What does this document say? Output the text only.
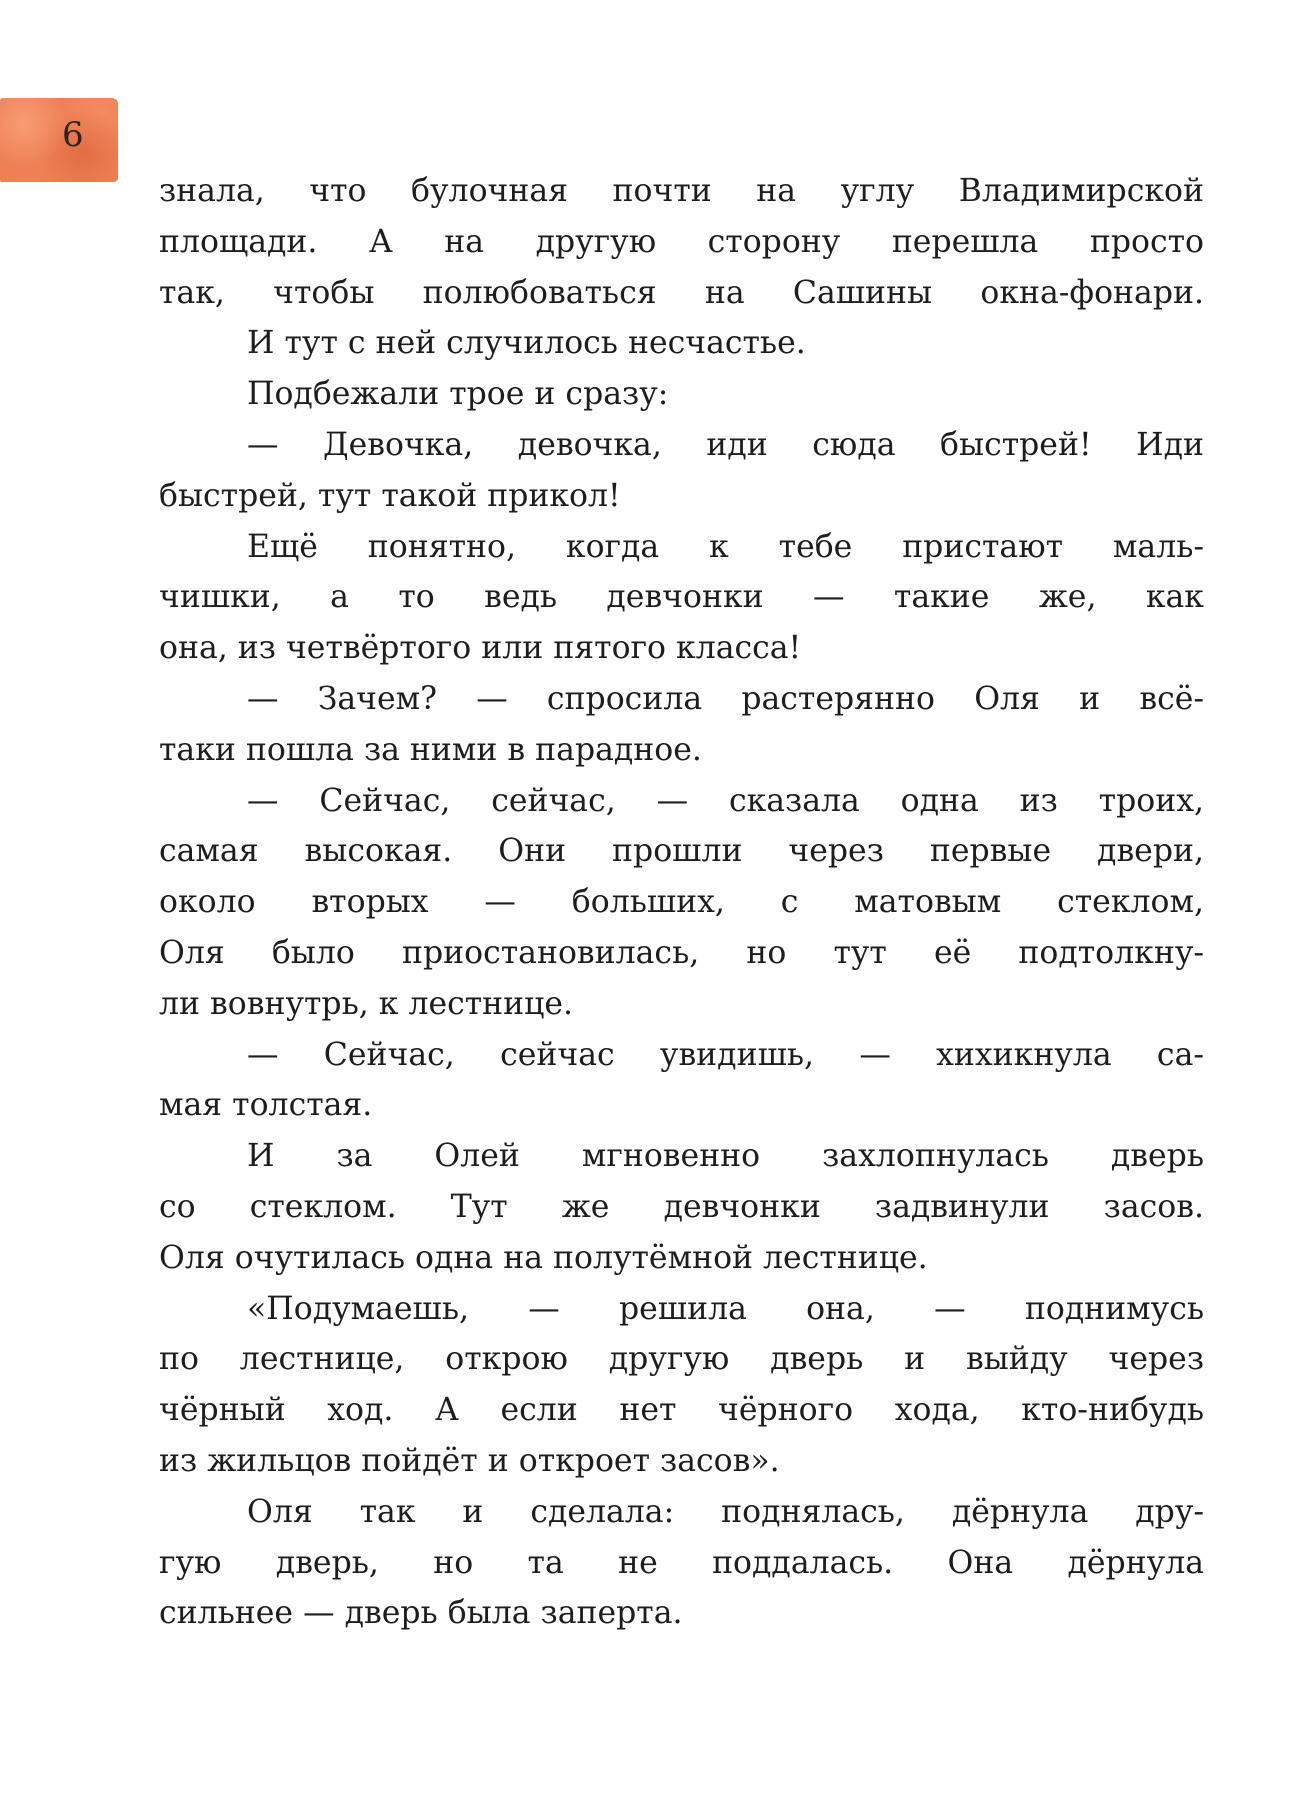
6
знала, что булочная почти на углу Владимирской
площади. А на другую сторону перешла просто
так, чтобы полюбоваться на Сашины окна-фонари.
И тут с ней случилось несчастье.
Подбежали трое и сразу:
— Девочка, девочка, иди сюда быстрей! Иди
быстрей, тут такой прикол!
Ещё понятно, когда к тебе пристают маль-
чишки, а то ведь девчонки — такие же, как
она, из четвёртого или пятого класса!
— Зачем? — спросила растерянно Оля и всё-
таки пошла за ними в парадное.
— Сейчас, сейчас, — сказала одна из троих,
самая высокая. Они прошли через первые двери,
около вторых — больших, с матовым стеклом,
Оля было приостановилась, но тут её подтолкну-
ли вовнутрь, к лестнице.
— Сейчас, сейчас увидишь, — хихикнула са-
мая толстая.
И за Олей мгновенно захлопнулась дверь
со стеклом. Тут же девчонки задвинули засов.
Оля очутилась одна на полутёмной лестнице.
«Подумаешь, — решила она, — поднимусь
по лестнице, открою другую дверь и выйду через
чёрный ход. А если нет чёрного хода, кто-нибудь
из жильцов пойдёт и откроет засов».
Оля так и сделала: поднялась, дёрнула дру-
гую дверь, но та не поддалась. Она дёрнула
сильнее — дверь была заперта.
